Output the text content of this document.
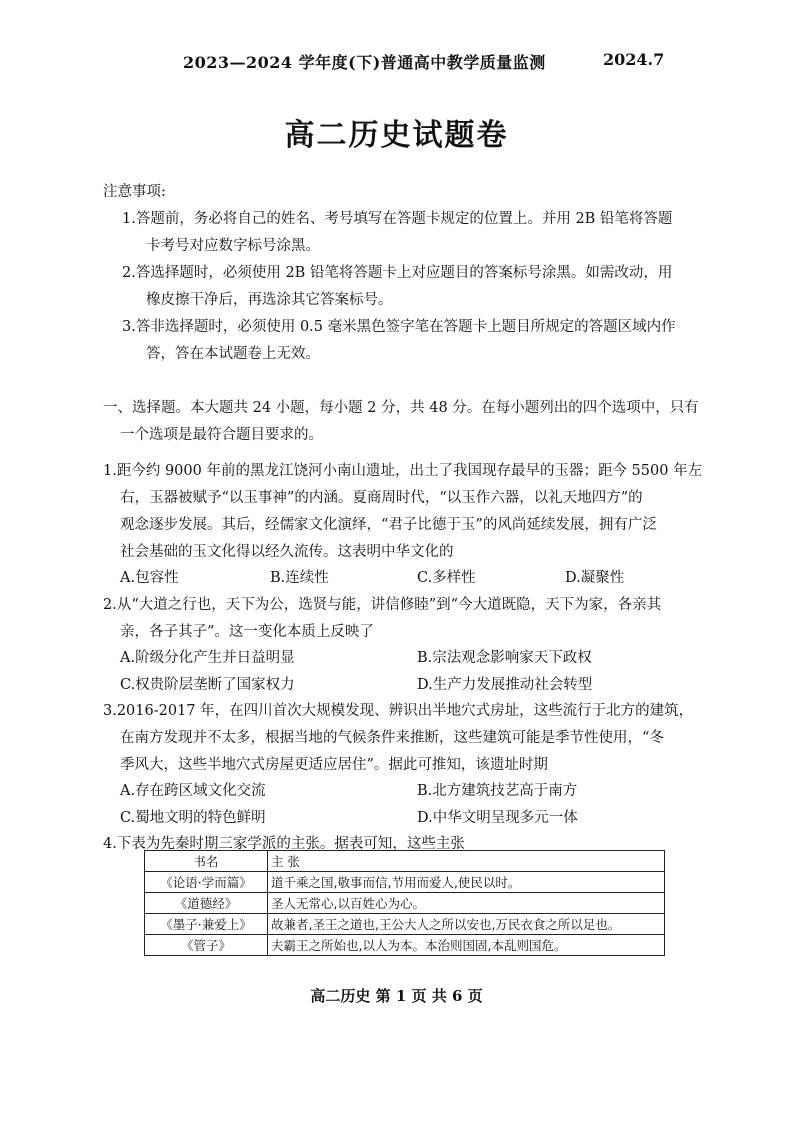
2023—2024 学年度(下)普通高中教学质量监测	2024.7
高二历史试题卷
注意事项:
1.答题前，务必将自己的姓名、考号填写在答题卡规定的位置上。并用 2B 铅笔将答题
卡考号对应数字标号涂黑。
2.答选择题时，必须使用 2B 铅笔将答题卡上对应题目的答案标号涂黑。如需改动，用
橡皮擦干净后，再选涂其它答案标号。
3.答非选择题时，必须使用 0.5 毫米黑色签字笔在答题卡上题目所规定的答题区域内作
答，答在本试题卷上无效。
一、选择题。本大题共 24 小题，每小题 2 分，共 48 分。在每小题列出的四个选项中，只有
一个选项是最符合题目要求的。
1.距今约 9000 年前的黑龙江饶河小南山遗址，出土了我国现存最早的玉器；距今 5500 年左
右，玉器被赋予“以玉事神”的内涵。夏商周时代，“以玉作六器，以礼天地四方”的
观念逐步发展。其后，经儒家文化演绎，“君子比德于玉”的风尚延续发展，拥有广泛
社会基础的玉文化得以经久流传。这表明中华文化的
A.包容性	B.连续性	C.多样性	D.凝聚性
2.从“大道之行也，天下为公，选贤与能，讲信修睦”到“今大道既隐，天下为家，各亲其
亲，各子其子”。这一变化本质上反映了
A.阶级分化产生并日益明显	B.宗法观念影响家天下政权
C.权贵阶层垄断了国家权力	D.生产力发展推动社会转型
3.2016-2017 年，在四川首次大规模发现、辨识出半地穴式房址，这些流行于北方的建筑，
在南方发现并不太多，根据当地的气候条件来推断，这些建筑可能是季节性使用，“冬
季风大，这些半地穴式房屋更适应居住”。据此可推知，该遗址时期
A.存在跨区域文化交流	B.北方建筑技艺高于南方
C.蜀地文明的特色鲜明	D.中华文明呈现多元一体
4.下表为先秦时期三家学派的主张。据表可知，这些主张
书名	主 张
《论语·学而篇》	道千乘之国,敬事而信,节用而爱人,使民以时。
《道德经》	圣人无常心,以百姓心为心。
《墨子·兼爱上》	故兼者,圣王之道也,王公大人之所以安也,万民衣食之所以足也。
《管子》	夫霸王之所始也,以人为本。本治则国固,本乱则国危。
高二历史 第 1 页 共 6 页
